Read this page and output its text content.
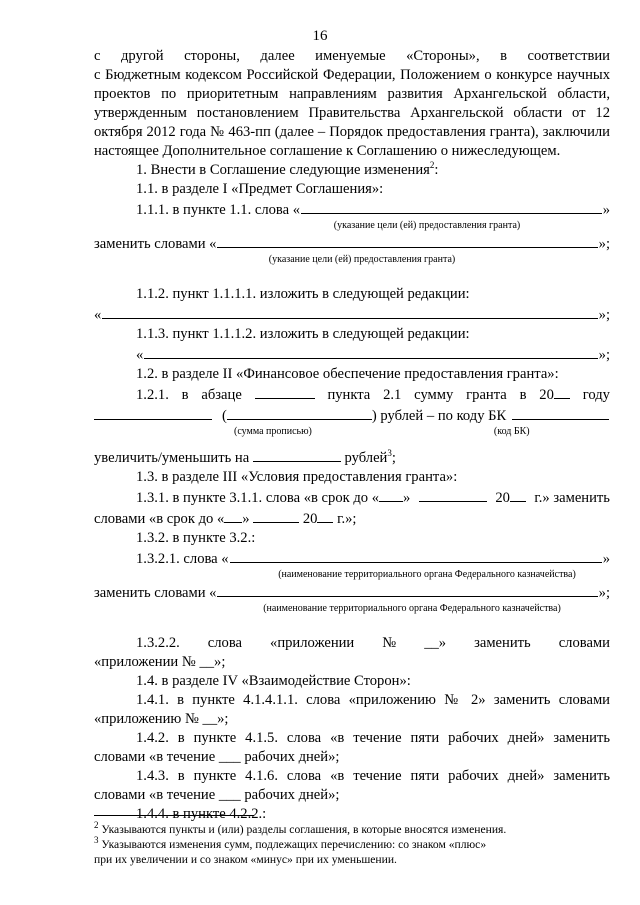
16

с другой стороны, далее именуемые «Стороны», в соответствии

с Бюджетным кодексом Российской Федерации, Положением о конкурсе научных проектов по приоритетным направлениям развития Архангельской области, утвержденным постановлением Правительства Архангельской области от 12 октября 2012 года № 463-пп (далее – Порядок предоставления гранта), заключили настоящее Дополнительное соглашение к Соглашению о нижеследующем.

1. Внести в Соглашение следующие изменения$^2$:

1.1. в разделе I «Предмет Соглашения»:

1.1.1. в пункте 1.1. слова «	»
(указание цели (ей) предоставления гранта)
заменить словами «	»;
(указание цели (ей) предоставления гранта)

1.1.2. пункт 1.1.1.1. изложить в следующей редакции:

«	»;

1.1.3. пункт 1.1.1.2. изложить в следующей редакции:

«	»;

1.2. в разделе II «Финансовое обеспечение предоставления гранта»:

1.2.1. в абзаце	пункта 2.1 сумму гранта в 20	году
(	) рублей – по коду БК
(сумма прописью)	(код БК)

увеличить/уменьшить на	рублей$^3$;

1.3. в разделе III «Условия предоставления гранта»:

1.3.1. в пункте 3.1.1. слова «в срок до « »	20	г.» заменить

словами «в срок до « »	20 г.»;

1.3.2. в пункте 3.2.:

1.3.2.1. слова «	»
(наименование территориального органа Федерального казначейства)
заменить словами «	»;
(наименование территориального органа Федерального казначейства)
1.3.2.2. слова «приложении № __» заменить словами

«приложении № __»;

1.4. в разделе IV «Взаимодействие Сторон»:

1.4.1. в пункте 4.1.4.1.1. слова «приложению № 2» заменить словами «приложению № __»;

1.4.2. в пункте 4.1.5. слова «в течение пяти рабочих дней» заменить словами «в течение ___ рабочих дней»;

1.4.3. в пункте 4.1.6. слова «в течение пяти рабочих дней» заменить словами «в течение ___ рабочих дней»;

1.4.4. в пункте 4.2.2.:

$^2$ Указываются пункты и (или) разделы соглашения, в которые вносятся изменения.

$^3$ Указываются изменения сумм, подлежащих перечислению: со знаком «плюс»

при их увеличении и со знаком «минус» при их уменьшении.
